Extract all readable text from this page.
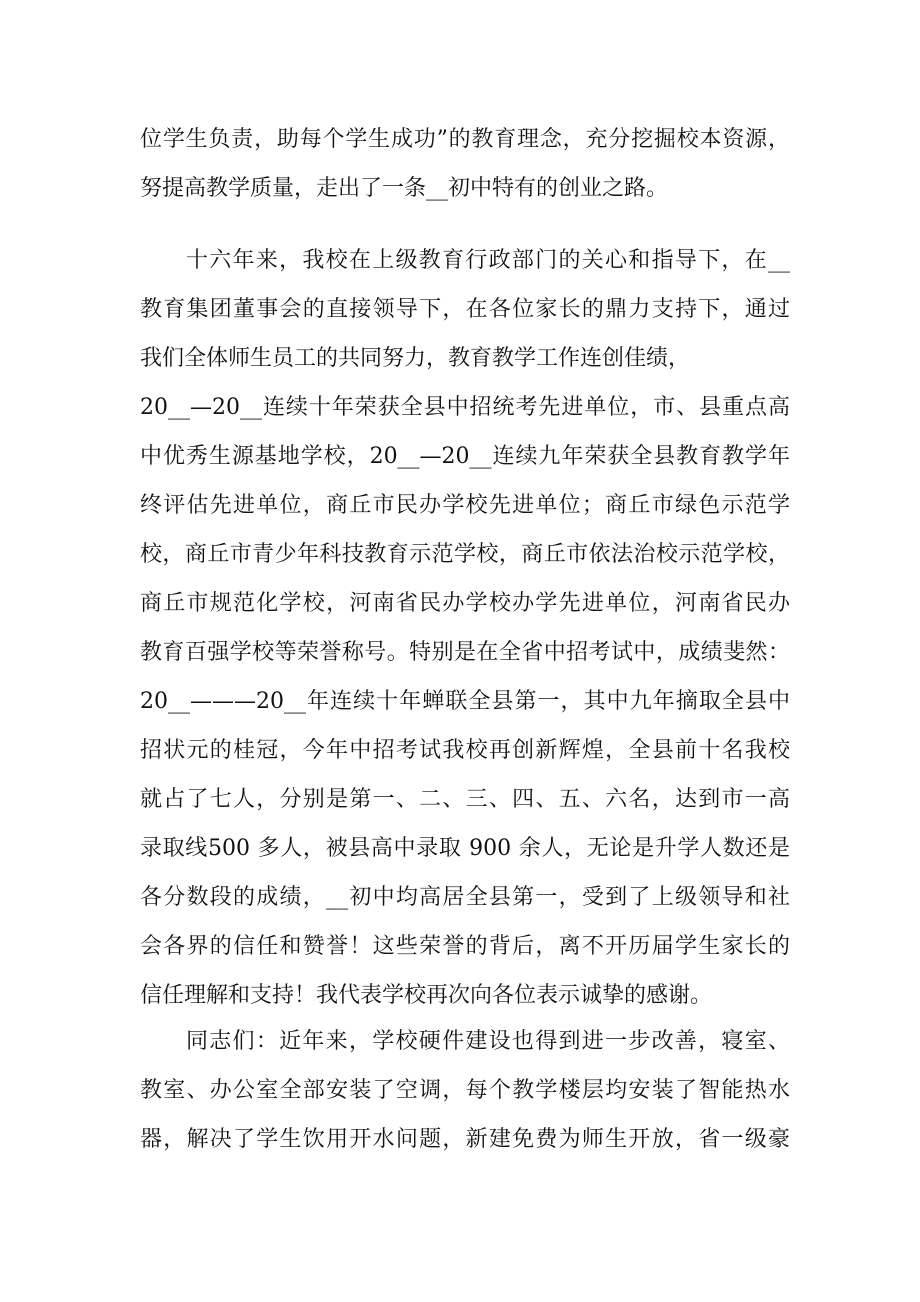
位学生负责，助每个学生成功”的教育理念，充分挖掘校本资源，
努提高教学质量，走出了一条__初中特有的创业之路。
十六年来，我校在上级教育行政部门的关心和指导下，在__
教育集团董事会的直接领导下，在各位家长的鼎力支持下，通过
我们全体师生员工的共同努力，教育教学工作连创佳绩，
20__—20__连续十年荣获全县中招统考先进单位，市、县重点高
中优秀生源基地学校，20__—20__连续九年荣获全县教育教学年
终评估先进单位，商丘市民办学校先进单位；商丘市绿色示范学
校，商丘市青少年科技教育示范学校，商丘市依法治校示范学校，
商丘市规范化学校，河南省民办学校办学先进单位，河南省民办
教育百强学校等荣誉称号。特别是在全省中招考试中，成绩斐然：
20__———20__年连续十年蝉联全县第一，其中九年摘取全县中
招状元的桂冠，今年中招考试我校再创新辉煌，全县前十名我校
就占了七人，分别是第一、二、三、四、五、六名，达到市一高
录取线500 多人，被县高中录取 900 余人，无论是升学人数还是
各分数段的成绩，__初中均高居全县第一，受到了上级领导和社
会各界的信任和赞誉！这些荣誉的背后，离不开历届学生家长的
信任理解和支持！我代表学校再次向各位表示诚挚的感谢。
同志们：近年来，学校硬件建设也得到进一步改善，寝室、
教室、办公室全部安装了空调，每个教学楼层均安装了智能热水
器，解决了学生饮用开水问题，新建免费为师生开放，省一级豪
